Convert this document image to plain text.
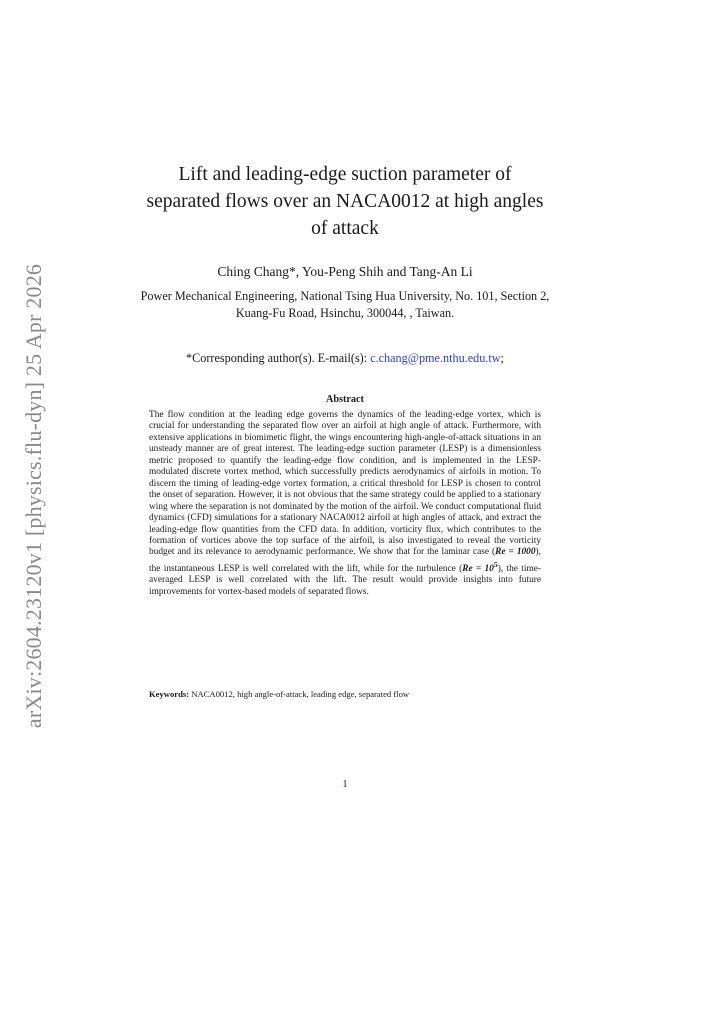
arXiv:2604.23120v1 [physics.flu-dyn] 25 Apr 2026
Lift and leading-edge suction parameter of
separated flows over an NACA0012 at high angles
of attack
Ching Chang*, You-Peng Shih and Tang-An Li
Power Mechanical Engineering, National Tsing Hua University, No. 101, Section 2, Kuang-Fu Road, Hsinchu, 300044, , Taiwan.
*Corresponding author(s). E-mail(s): c.chang@pme.nthu.edu.tw;
Abstract
The flow condition at the leading edge governs the dynamics of the leading-edge vortex, which is crucial for understanding the separated flow over an airfoil at high angle of attack. Furthermore, with extensive applications in biomimetic flight, the wings encountering high-angle-of-attack situations in an unsteady manner are of great interest. The leading-edge suction parameter (LESP) is a dimensionless metric proposed to quantify the leading-edge flow condition, and is implemented in the LESP-modulated discrete vortex method, which successfully predicts aerodynamics of airfoils in motion. To discern the timing of leading-edge vortex formation, a critical threshold for LESP is chosen to control the onset of separation. However, it is not obvious that the same strategy could be applied to a stationary wing where the separation is not dominated by the motion of the airfoil. We conduct computational fluid dynamics (CFD) simulations for a stationary NACA0012 airfoil at high angles of attack, and extract the leading-edge flow quantities from the CFD data. In addition, vorticity flux, which contributes to the formation of vortices above the top surface of the airfoil, is also investigated to reveal the vorticity budget and its relevance to aerodynamic performance. We show that for the laminar case (Re = 1000), the instantaneous LESP is well correlated with the lift, while for the turbulence $(Re = 10^5)$, the time-averaged LESP is well correlated with the lift. The result would provide insights into future improvements for vortex-based models of separated flows.
Keywords: NACA0012, high angle-of-attack, leading edge, separated flow
1
